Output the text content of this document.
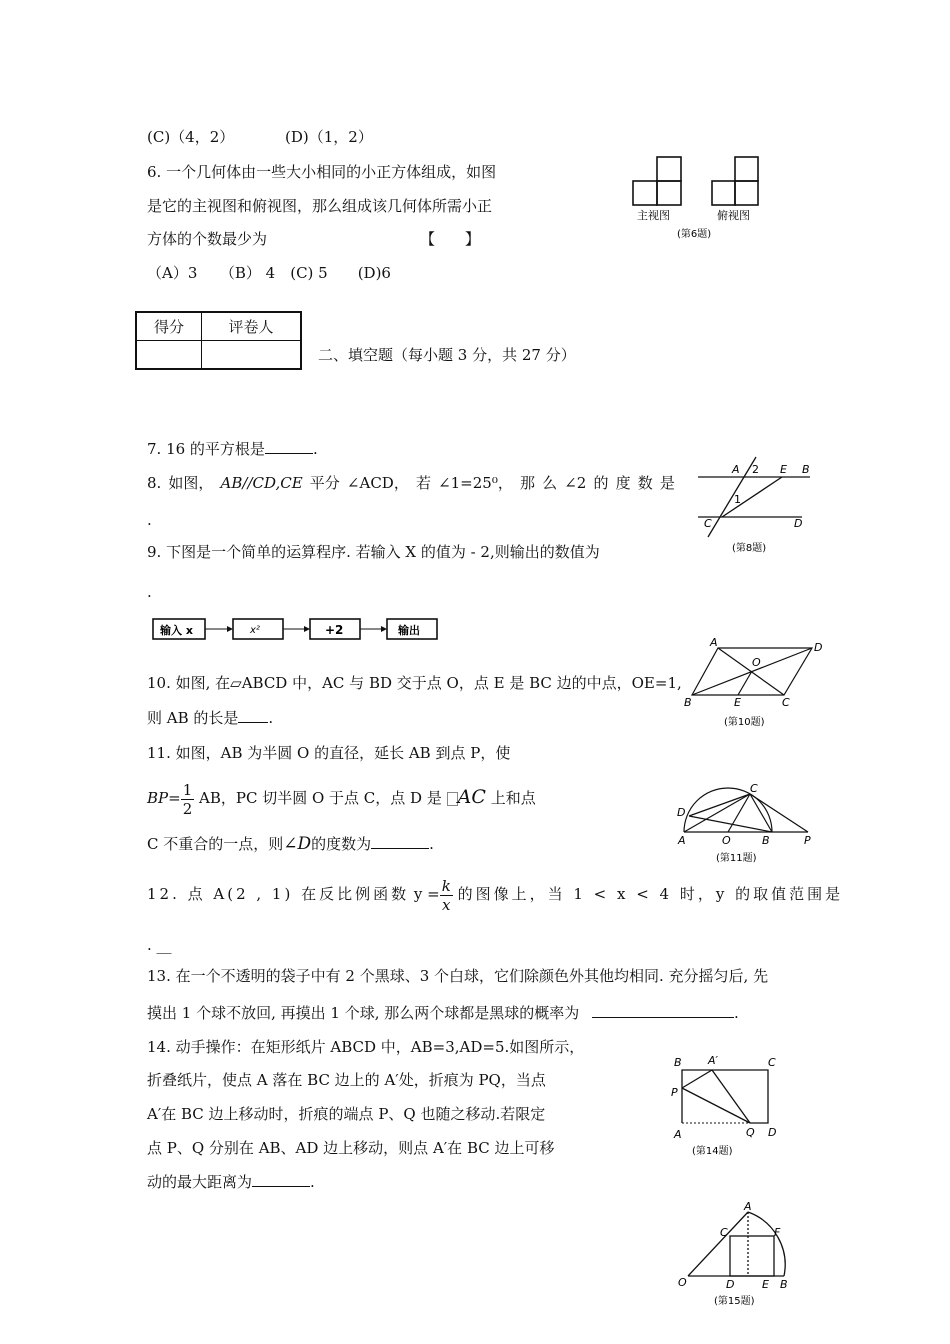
(C)（4，2）	(D)（1，2）
6. 一个几何体由一些大小相同的小正方体组成，如图
是它的主视图和俯视图，那么组成该几何体所需小正
方体的个数最少为	【　　】
（A）3　　（B） 4　(C) 5　　(D)6
主视图	俯视图
(第6题)
得分	评卷人

二、填空题（每小题 3 分，共 27 分）
7. 16 的平方根是	.
8. 如图， AB//CD,CE 平分 ∠ACD， 若 ∠1=25⁰， 那 么 ∠2 的 度 数 是
.
A 2 E B
1
C	D
(第8题)
9. 下图是一个简单的运算程序. 若输入 X 的值为 - 2,则输出的数值为
.
输入 x	x²	+2	输出
10. 如图, 在▱ABCD 中，AC 与 BD 交于点 O，点 E 是 BC 边的中点，OE=1,
则 AB 的长是 .
A	D
O
B	E	C
(第10题)
11. 如图，AB 为半圆 O 的直径，延长 AB 到点 P，使
$BP= \frac{1}{2}$ AB，PC 切半圆 O 于点 C，点 D 是 AC 上和点
C 不重合的一点，则∠D的度数为	.
C
D
A	O	B	P
(第11题)
12. 点 A(2 , 1) 在反比例函数 $y = \frac{k}{x}$ 的图像上，当 1 < x < 4 时，y 的取值范围是
. __
13. 在一个不透明的袋子中有 2 个黑球、3 个白球，它们除颜色外其他均相同. 充分摇匀后, 先
摸出 1 个球不放回, 再摸出 1 个球, 那么两个球都是黑球的概率为	.
14. 动手操作：在矩形纸片 ABCD 中，AB=3,AD=5.如图所示，
折叠纸片，使点 A 落在 BC 边上的 A′处，折痕为 PQ，当点
A′在 BC 边上移动时，折痕的端点 P、Q 也随之移动.若限定
点 P、Q 分别在 AB、AD 边上移动，则点 A′在 BC 边上可移
动的最大距离为	.
B A′	C
P
A	Q D
(第14题)
A
C	F
O	D	E B
(第15题)
